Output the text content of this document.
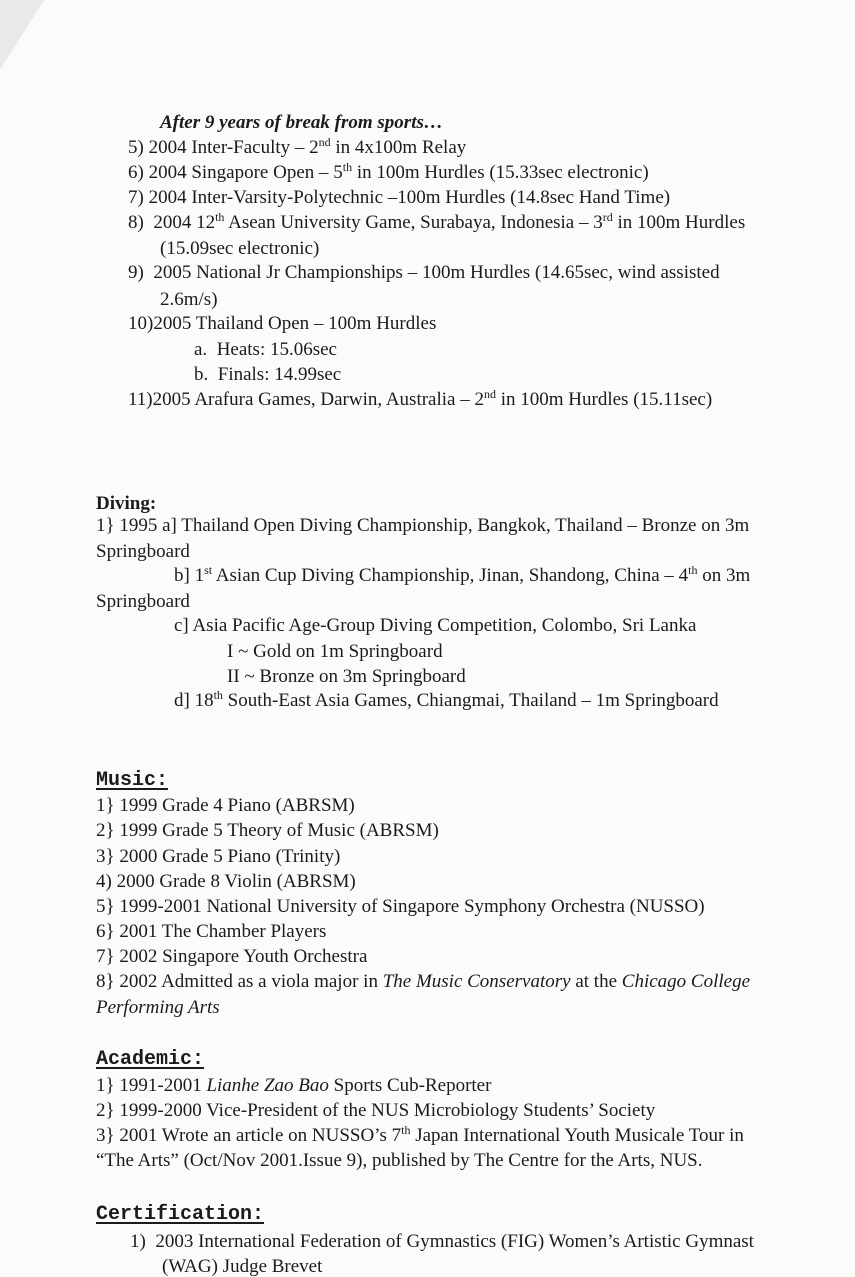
After 9 years of break from sports…
5) 2004 Inter-Faculty – 2nd in 4x100m Relay
6) 2004 Singapore Open – 5th in 100m Hurdles (15.33sec electronic)
7) 2004 Inter-Varsity-Polytechnic –100m Hurdles (14.8sec Hand Time)
8) 2004 12th Asean University Game, Surabaya, Indonesia – 3rd in 100m Hurdles
(15.09sec electronic)
9) 2005 National Jr Championships – 100m Hurdles (14.65sec, wind assisted
2.6m/s)
10)2005 Thailand Open – 100m Hurdles
a. Heats: 15.06sec
b. Finals: 14.99sec
11)2005 Arafura Games, Darwin, Australia – 2nd in 100m Hurdles (15.11sec)
Diving:
1} 1995 a] Thailand Open Diving Championship, Bangkok, Thailand – Bronze on 3m
Springboard
b] 1st Asian Cup Diving Championship, Jinan, Shandong, China – 4th on 3m
Springboard
c] Asia Pacific Age-Group Diving Competition, Colombo, Sri Lanka
I ~ Gold on 1m Springboard
II ~ Bronze on 3m Springboard
d] 18th South-East Asia Games, Chiangmai, Thailand – 1m Springboard
Music:
1} 1999 Grade 4 Piano (ABRSM)
2} 1999 Grade 5 Theory of Music (ABRSM)
3} 2000 Grade 5 Piano (Trinity)
4) 2000 Grade 8 Violin (ABRSM)
5} 1999-2001 National University of Singapore Symphony Orchestra (NUSSO)
6} 2001 The Chamber Players
7} 2002 Singapore Youth Orchestra
8} 2002 Admitted as a viola major in The Music Conservatory at the Chicago College
Performing Arts
Academic:
1} 1991-2001 Lianhe Zao Bao Sports Cub-Reporter
2} 1999-2000 Vice-President of the NUS Microbiology Students’ Society
3} 2001 Wrote an article on NUSSO’s 7th Japan International Youth Musicale Tour in
“The Arts” (Oct/Nov 2001.Issue 9), published by The Centre for the Arts, NUS.
Certification:
1) 2003 International Federation of Gymnastics (FIG) Women’s Artistic Gymnast
(WAG) Judge Brevet
